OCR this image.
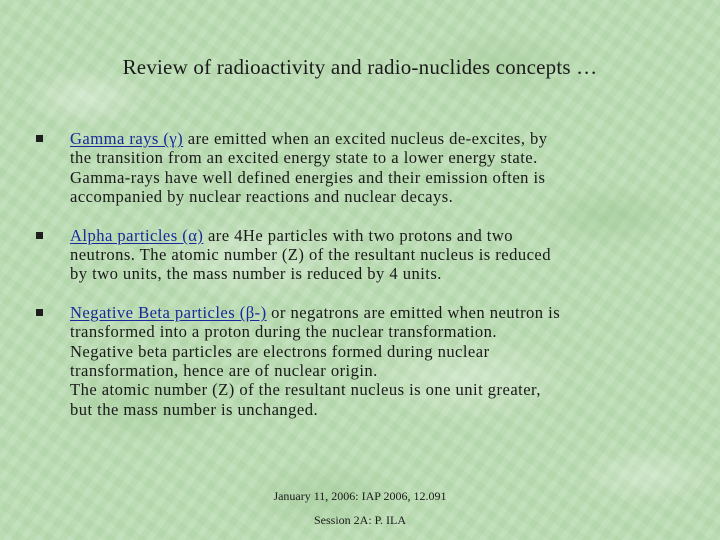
Review of radioactivity and radio-nuclides concepts …
Gamma rays (γ) are emitted when an excited nucleus de-excites, by
the transition from an excited energy state to a lower energy state.
Gamma-rays have well defined energies and their emission often is
accompanied by nuclear reactions and nuclear decays.
Alpha particles (α) are 4He particles with two protons and two
neutrons. The atomic number (Z) of the resultant nucleus is reduced
by two units, the mass number is reduced by 4 units.
Negative Beta particles (β-) or negatrons are emitted when neutron is
transformed into a proton during the nuclear transformation.
Negative beta particles are electrons formed during nuclear
transformation, hence are of nuclear origin.
The atomic number (Z) of the resultant nucleus is one unit greater,
but the mass number is unchanged.
January 11, 2006: IAP 2006, 12.091
Session 2A: P. ILA
